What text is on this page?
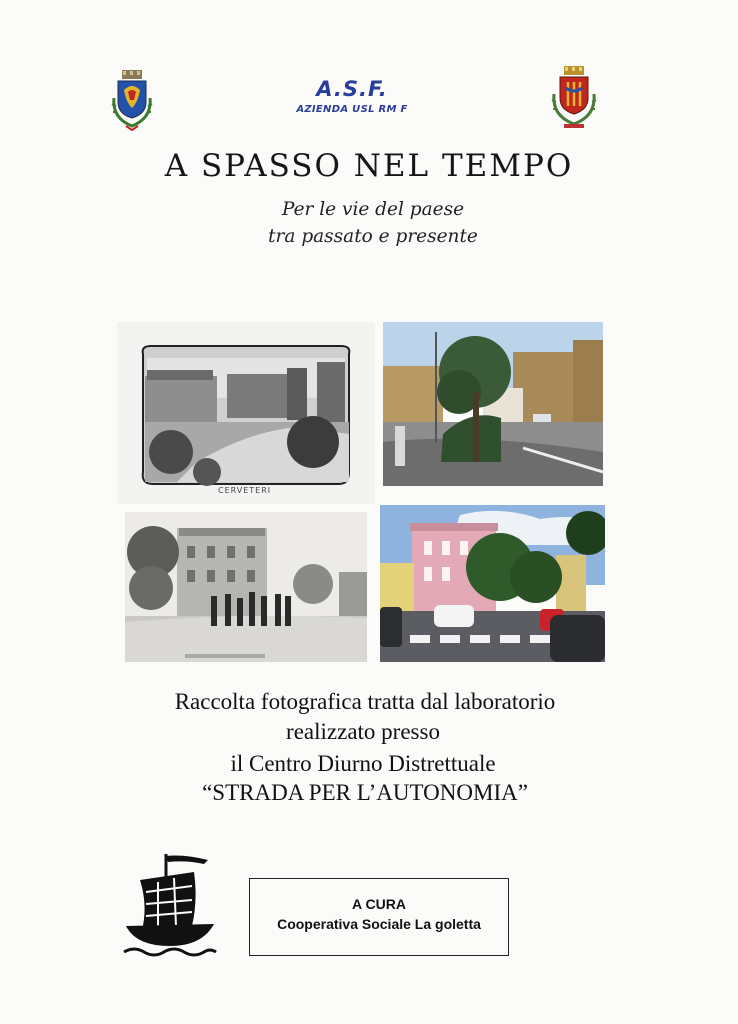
A.S.F.
AZIENDA USL RM F
A SPASSO NEL TEMPO
Per le vie del paese
tra passato e presente
CERVETERI
Raccolta fotografica tratta dal laboratorio
realizzato presso
il Centro Diurno Distrettuale
“STRADA PER L’AUTONOMIA”
A CURA
Cooperativa Sociale La goletta
